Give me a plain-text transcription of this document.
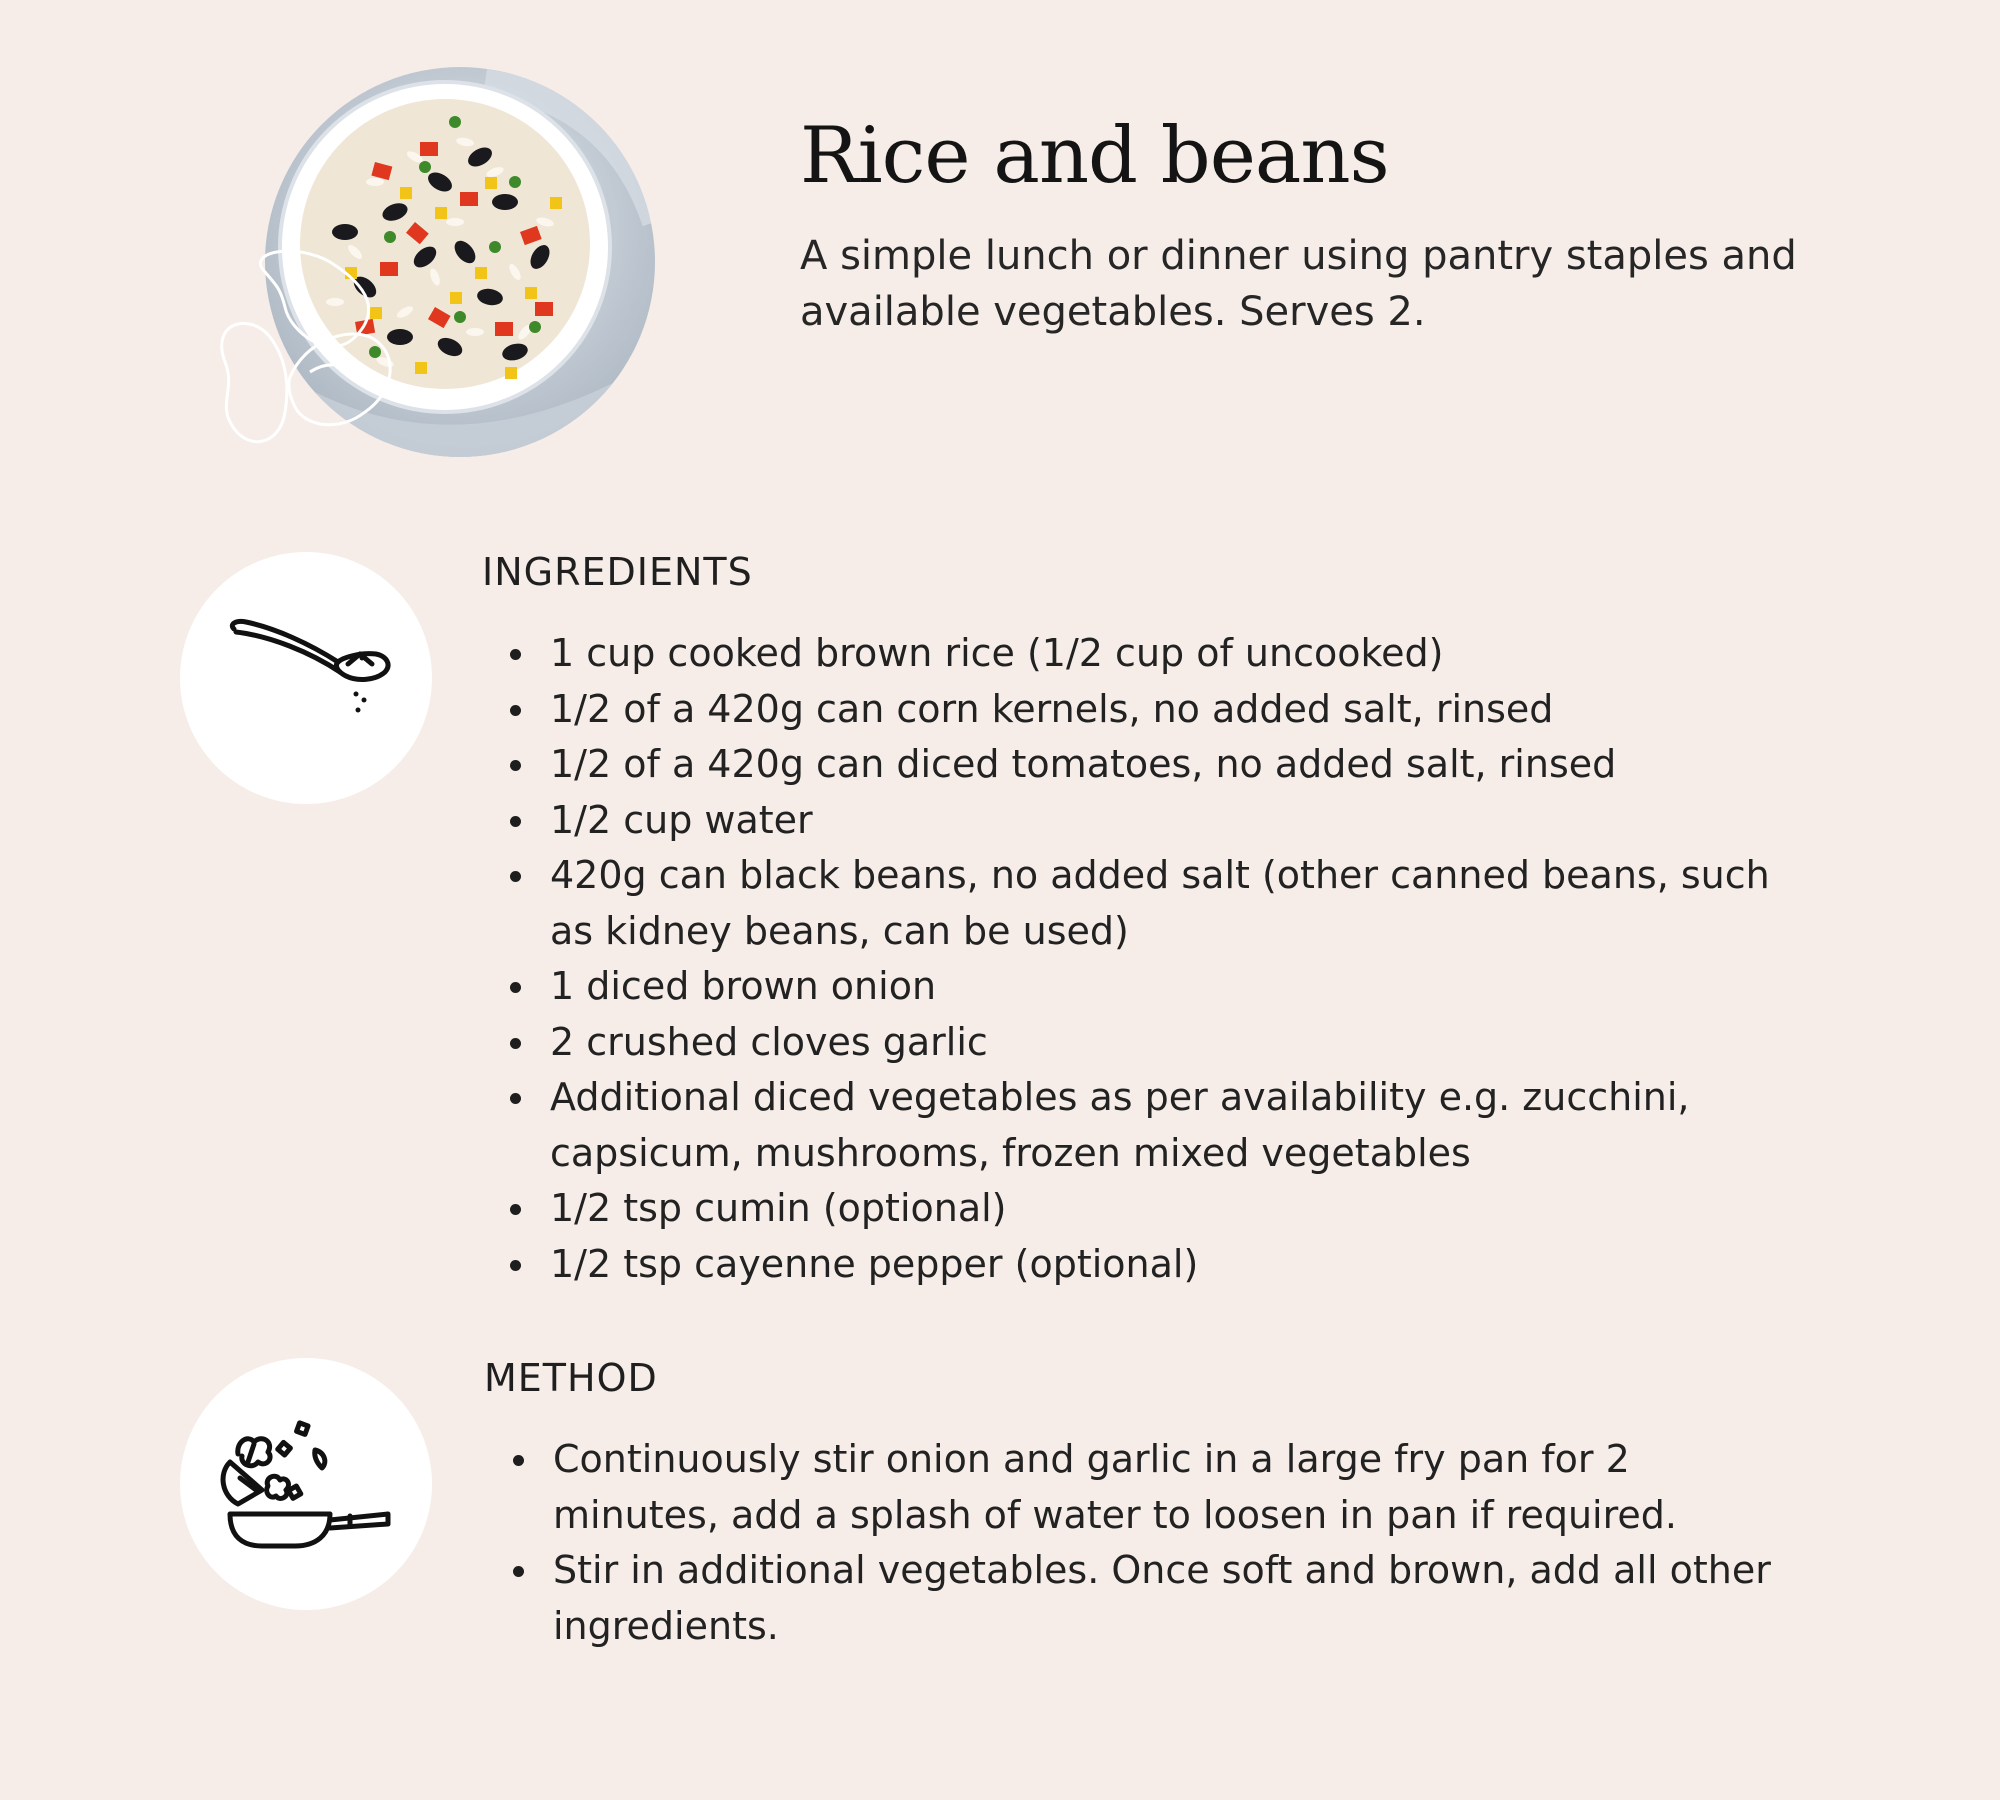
Rice and beans

A simple lunch or dinner using pantry staples and available vegetables. Serves 2.

INGREDIENTS
1 cup cooked brown rice (1/2 cup of uncooked)
1/2 of a 420g can corn kernels, no added salt, rinsed
1/2 of a 420g can diced tomatoes, no added salt, rinsed
1/2 cup water
420g can black beans, no added salt (other canned beans, such as kidney beans, can be used)
1 diced brown onion
2 crushed cloves garlic
Additional diced vegetables as per availability e.g. zucchini, capsicum, mushrooms, frozen mixed vegetables
1/2 tsp cumin (optional)
1/2 tsp cayenne pepper (optional)
METHOD
Continuously stir onion and garlic in a large fry pan for 2 minutes, add a splash of water to loosen in pan if required.
Stir in additional vegetables. Once soft and brown, add all other ingredients.
